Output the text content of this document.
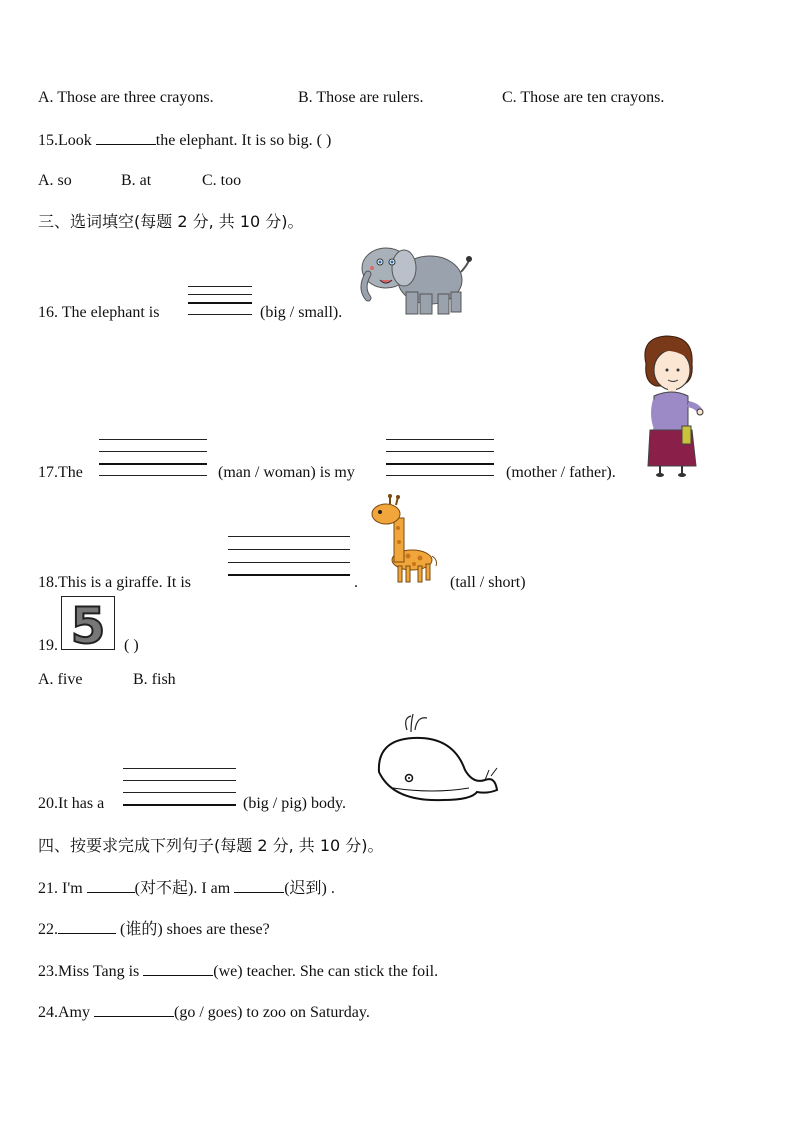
A. Those are three crayons.	B. Those are rulers.	C. Those are ten crayons.
15.Look	the elephant. It is so big. ( )
A. so	B. at	C. too
三、选词填空(每题 2 分, 共 10 分)。
16. The elephant is	(big / small).
17.The	(man / woman) is my	(mother / father).
18.This is a giraffe. It is	.	(tall / short)
5
19.	( )
A. five	B. fish
20.It has a	(big / pig) body.
四、按要求完成下列句子(每题 2 分, 共 10 分)。
21. I'm	(对不起). I am	(迟到) .
22.	(谁的) shoes are these?
23.Miss Tang is	(we) teacher. She can stick the foil.
24.Amy	(go / goes) to zoo on Saturday.
